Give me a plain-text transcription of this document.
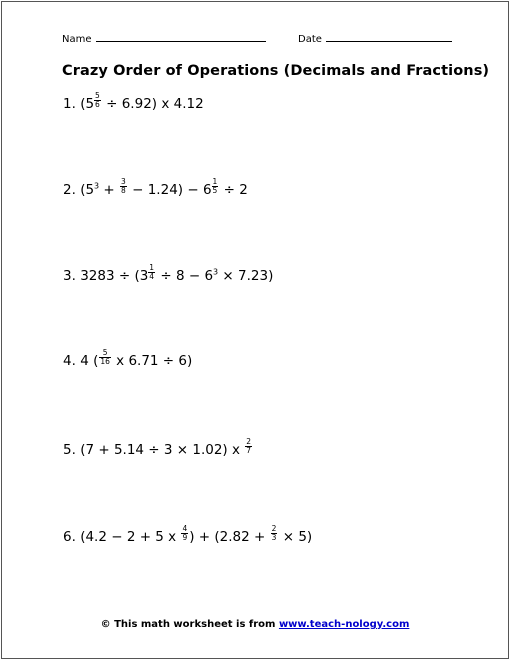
Name	Date
Crazy Order of Operations (Decimals and Fractions)
1. $(5 \frac{5}{6} \div 6.92)$ x 4.12
2. $(5^3 + \frac{3}{8} - 1.24) - 6 \frac{1}{5} \div 2$
3. $3283 \div (3 \frac{1}{4} \div 8 - 6^3 \times 7.23)$
4. 4 ( $\frac{5}{16}$ x 6.71 ÷ 6)
5. (7 + 5.14 ÷ 3 × 1.02) x $\frac{2}{7}$
6. (4.2 − 2 + 5 x $\frac{4}{9}$ ) + $(2.82 + \frac{2}{3} \times 5)$
© This math worksheet is from www.teach-nology.com
